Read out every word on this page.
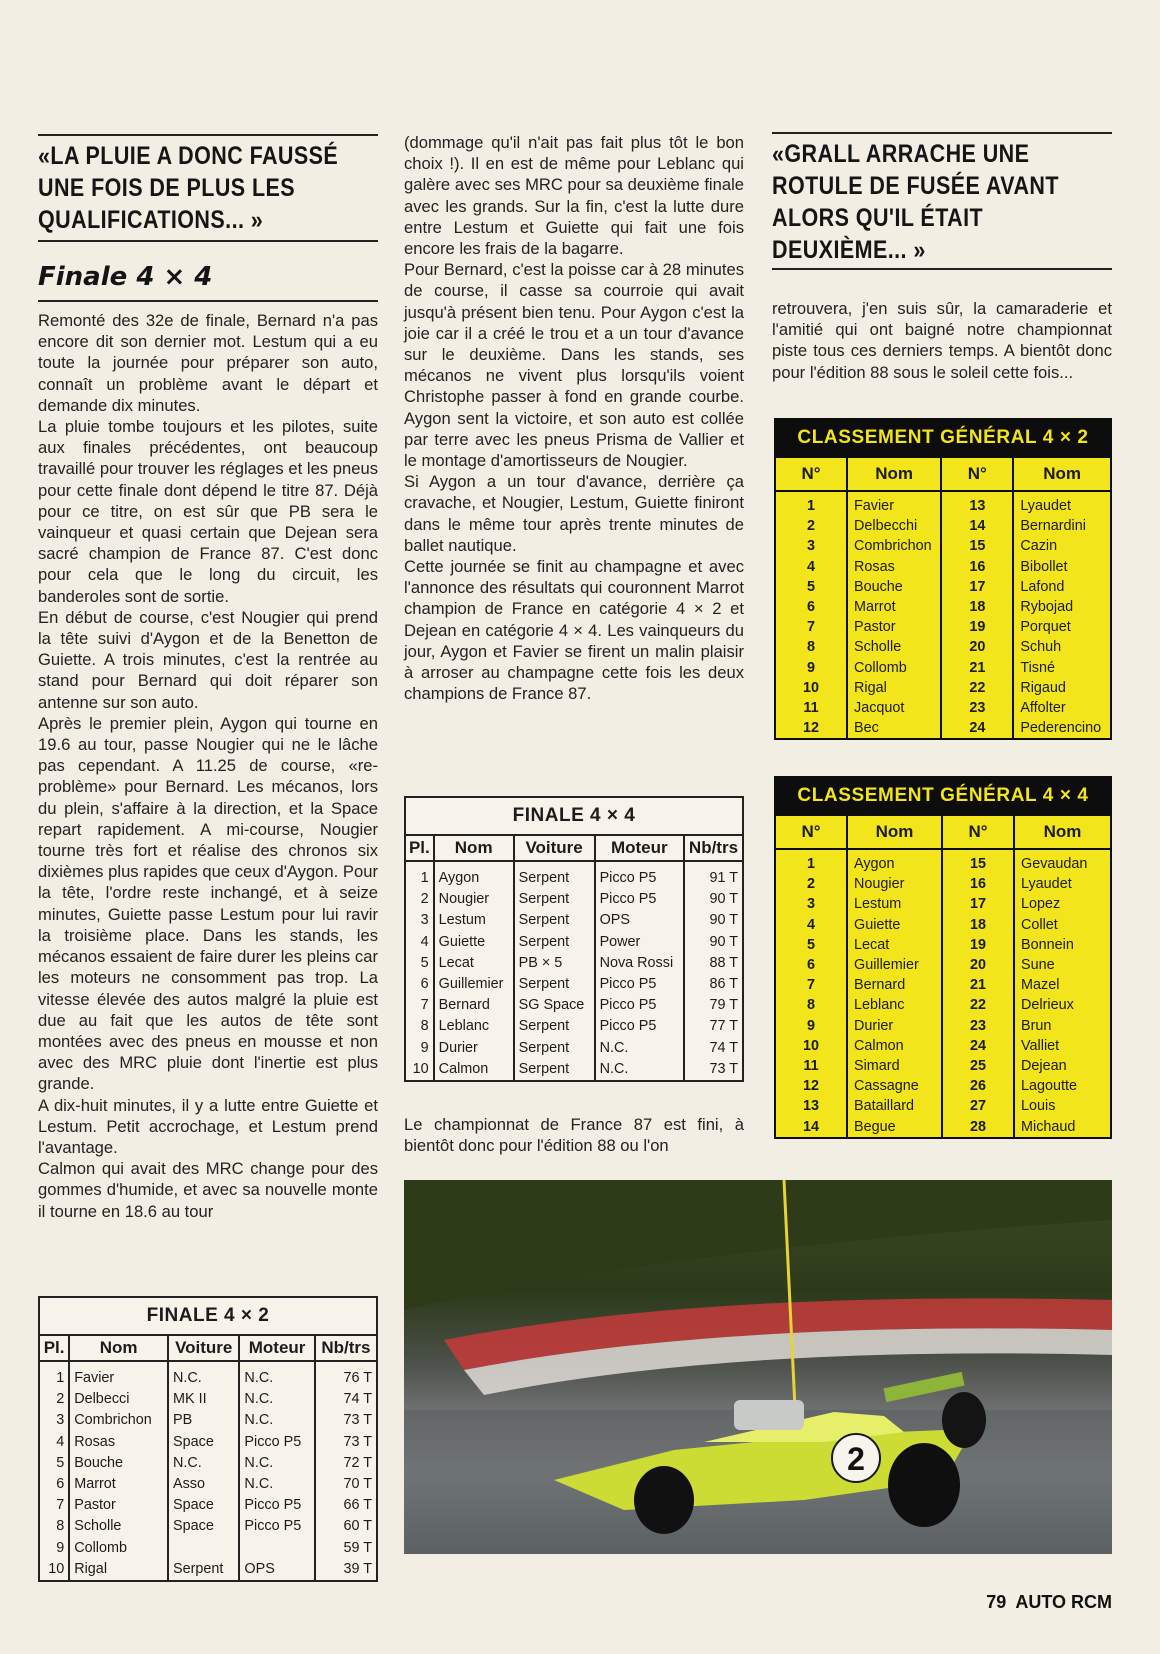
«LA PLUIE A DONC FAUSSÉ UNE FOIS DE PLUS LES QUALIFICATIONS... »
Finale 4 × 4

Remonté des 32e de finale, Bernard n'a pas encore dit son dernier mot. Lestum qui a eu toute la journée pour préparer son auto, connaît un problème avant le départ et demande dix minutes.

La pluie tombe toujours et les pilotes, suite aux finales précédentes, ont beaucoup travaillé pour trouver les réglages et les pneus pour cette finale dont dépend le titre 87. Déjà pour ce titre, on est sûr que PB sera le vainqueur et quasi certain que Dejean sera sacré champion de France 87. C'est donc pour cela que le long du circuit, les banderoles sont de sortie.

En début de course, c'est Nougier qui prend la tête suivi d'Aygon et de la Benetton de Guiette. A trois minutes, c'est la rentrée au stand pour Bernard qui doit réparer son antenne sur son auto.

Après le premier plein, Aygon qui tourne en 19.6 au tour, passe Nougier qui ne le lâche pas cependant. A 11.25 de course, «re-problème» pour Bernard. Les mécanos, lors du plein, s'affaire à la direction, et la Space repart rapidement. A mi-course, Nougier tourne très fort et réalise des chronos six dixièmes plus rapides que ceux d'Aygon. Pour la tête, l'ordre reste inchangé, et à seize minutes, Guiette passe Lestum pour lui ravir la troisième place. Dans les stands, les mécanos essaient de faire durer les pleins car les moteurs ne consomment pas trop. La vitesse élevée des autos malgré la pluie est due au fait que les autos de tête sont montées avec des pneus en mousse et non avec des MRC pluie dont l'inertie est plus grande.

A dix-huit minutes, il y a lutte entre Guiette et Lestum. Petit accrochage, et Lestum prend l'avantage.

Calmon qui avait des MRC change pour des gommes d'humide, et avec sa nouvelle monte il tourne en 18.6 au tour

(dommage qu'il n'ait pas fait plus tôt le bon choix !). Il en est de même pour Leblanc qui galère avec ses MRC pour sa deuxième finale avec les grands. Sur la fin, c'est la lutte dure entre Lestum et Guiette qui fait une fois encore les frais de la bagarre.

Pour Bernard, c'est la poisse car à 28 minutes de course, il casse sa courroie qui avait jusqu'à présent bien tenu. Pour Aygon c'est la joie car il a créé le trou et a un tour d'avance sur le deuxième. Dans les stands, ses mécanos ne vivent plus lorsqu'ils voient Christophe passer à fond en grande courbe. Aygon sent la victoire, et son auto est collée par terre avec les pneus Prisma de Vallier et le montage d'amortisseurs de Nougier.

Si Aygon a un tour d'avance, derrière ça cravache, et Nougier, Lestum, Guiette finiront dans le même tour après trente minutes de ballet nautique.

Cette journée se finit au champagne et avec l'annonce des résultats qui couronnent Marrot champion de France en catégorie 4 × 2 et Dejean en catégorie 4 × 4. Les vainqueurs du jour, Aygon et Favier se firent un malin plaisir à arroser au champagne cette fois les deux champions de France 87.

Le championnat de France 87 est fini, à bientôt donc pour l'édition 88 ou l'on
«GRALL ARRACHE UNE ROTULE DE FUSÉE AVANT ALORS QU'IL ÉTAIT DEUXIÈME... »
retrouvera, j'en suis sûr, la camaraderie et l'amitié qui ont baigné notre championnat piste tous ces derniers temps. A bientôt donc pour l'édition 88 sous le soleil cette fois...
FINALE 4 × 2				
Pl.	Nom	Voiture	Moteur	Nb/trs
1	Favier	N.C.	N.C.	76 T
2	Delbecci	MK II	N.C.	74 T
3	Combrichon	PB	N.C.	73 T
4	Rosas	Space	Picco P5	73 T
5	Bouche	N.C.	N.C.	72 T
6	Marrot	Asso	N.C.	70 T
7	Pastor	Space	Picco P5	66 T
8	Scholle	Space	Picco P5	60 T
9	Collomb			59 T
10	Rigal	Serpent	OPS	39 T
FINALE 4 × 4				
Pl.	Nom	Voiture	Moteur	Nb/trs
1	Aygon	Serpent	Picco P5	91 T
2	Nougier	Serpent	Picco P5	90 T
3	Lestum	Serpent	OPS	90 T
4	Guiette	Serpent	Power	90 T
5	Lecat	PB × 5	Nova Rossi	88 T
6	Guillemier	Serpent	Picco P5	86 T
7	Bernard	SG Space	Picco P5	79 T
8	Leblanc	Serpent	Picco P5	77 T
9	Durier	Serpent	N.C.	74 T
10	Calmon	Serpent	N.C.	73 T
CLASSEMENT GÉNÉRAL 4 × 2			
N°	Nom	N°	Nom
1	Favier	13	Lyaudet
2	Delbecchi	14	Bernardini
3	Combrichon	15	Cazin
4	Rosas	16	Bibollet
5	Bouche	17	Lafond
6	Marrot	18	Rybojad
7	Pastor	19	Porquet
8	Scholle	20	Schuh
9	Collomb	21	Tisné
10	Rigal	22	Rigaud
11	Jacquot	23	Affolter
12	Bec	24	Pederencino
CLASSEMENT GÉNÉRAL 4 × 4			
N°	Nom	N°	Nom
1	Aygon	15	Gevaudan
2	Nougier	16	Lyaudet
3	Lestum	17	Lopez
4	Guiette	18	Collet
5	Lecat	19	Bonnein
6	Guillemier	20	Sune
7	Bernard	21	Mazel
8	Leblanc	22	Delrieux
9	Durier	23	Brun
10	Calmon	24	Valliet
11	Simard	25	Dejean
12	Cassagne	26	Lagoutte
13	Bataillard	27	Louis
14	Begue	28	Michaud
2
79 AUTO RCM
